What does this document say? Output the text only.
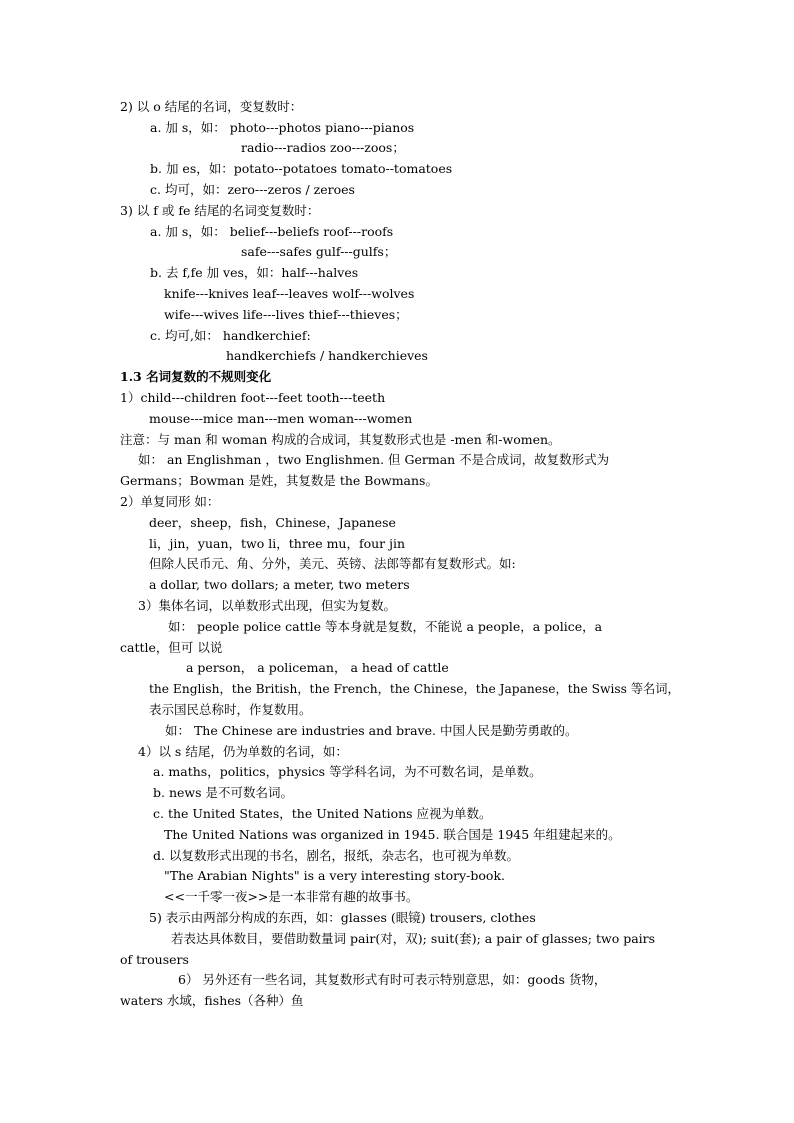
2) 以 o 结尾的名词，变复数时：
a. 加 s，如： photo---photos piano---pianos
radio---radios zoo---zoos；
b. 加 es，如：potato--potatoes tomato--tomatoes
c. 均可，如：zero---zeros / zeroes
3) 以 f 或 fe 结尾的名词变复数时：
a. 加 s，如： belief---beliefs roof---roofs
safe---safes gulf---gulfs；
b. 去 f,fe 加 ves，如：half---halves
knife---knives leaf---leaves wolf---wolves
wife---wives life---lives thief---thieves；
c. 均可,如： handkerchief:
handkerchiefs / handkerchieves
1.3 名词复数的不规则变化
1）child---children foot---feet tooth---teeth
mouse---mice man---men woman---women
注意：与 man 和 woman 构成的合成词，其复数形式也是 -men 和-women。
如： an Englishman ，two Englishmen. 但 German 不是合成词，故复数形式为
Germans；Bowman 是姓，其复数是 the Bowmans。
2）单复同形 如：
deer，sheep，fish，Chinese，Japanese
li，jin，yuan，two li，three mu，four jin
但除人民币元、角、分外，美元、英镑、法郎等都有复数形式。如:
a dollar, two dollars; a meter, two meters
3）集体名词，以单数形式出现，但实为复数。
如： people police cattle 等本身就是复数，不能说 a people，a police，a
cattle，但可 以说
a person， a policeman， a head of cattle
the English，the British，the French，the Chinese，the Japanese，the Swiss 等名词，
表示国民总称时，作复数用。
如： The Chinese are industries and brave. 中国人民是勤劳勇敢的。
4）以 s 结尾，仍为单数的名词，如：
a. maths，politics，physics 等学科名词，为不可数名词，是单数。
b. news 是不可数名词。
c. the United States，the United Nations 应视为单数。
The United Nations was organized in 1945. 联合国是 1945 年组建起来的。
d. 以复数形式出现的书名，剧名，报纸，杂志名，也可视为单数。
"The Arabian Nights" is a very interesting story-book.
<<一千零一夜>>是一本非常有趣的故事书。
5) 表示由两部分构成的东西，如：glasses (眼镜) trousers, clothes
若表达具体数目，要借助数量词 pair(对，双); suit(套); a pair of glasses; two pairs
of trousers
6） 另外还有一些名词，其复数形式有时可表示特别意思，如：goods 货物，
waters 水域，fishes（各种）鱼
